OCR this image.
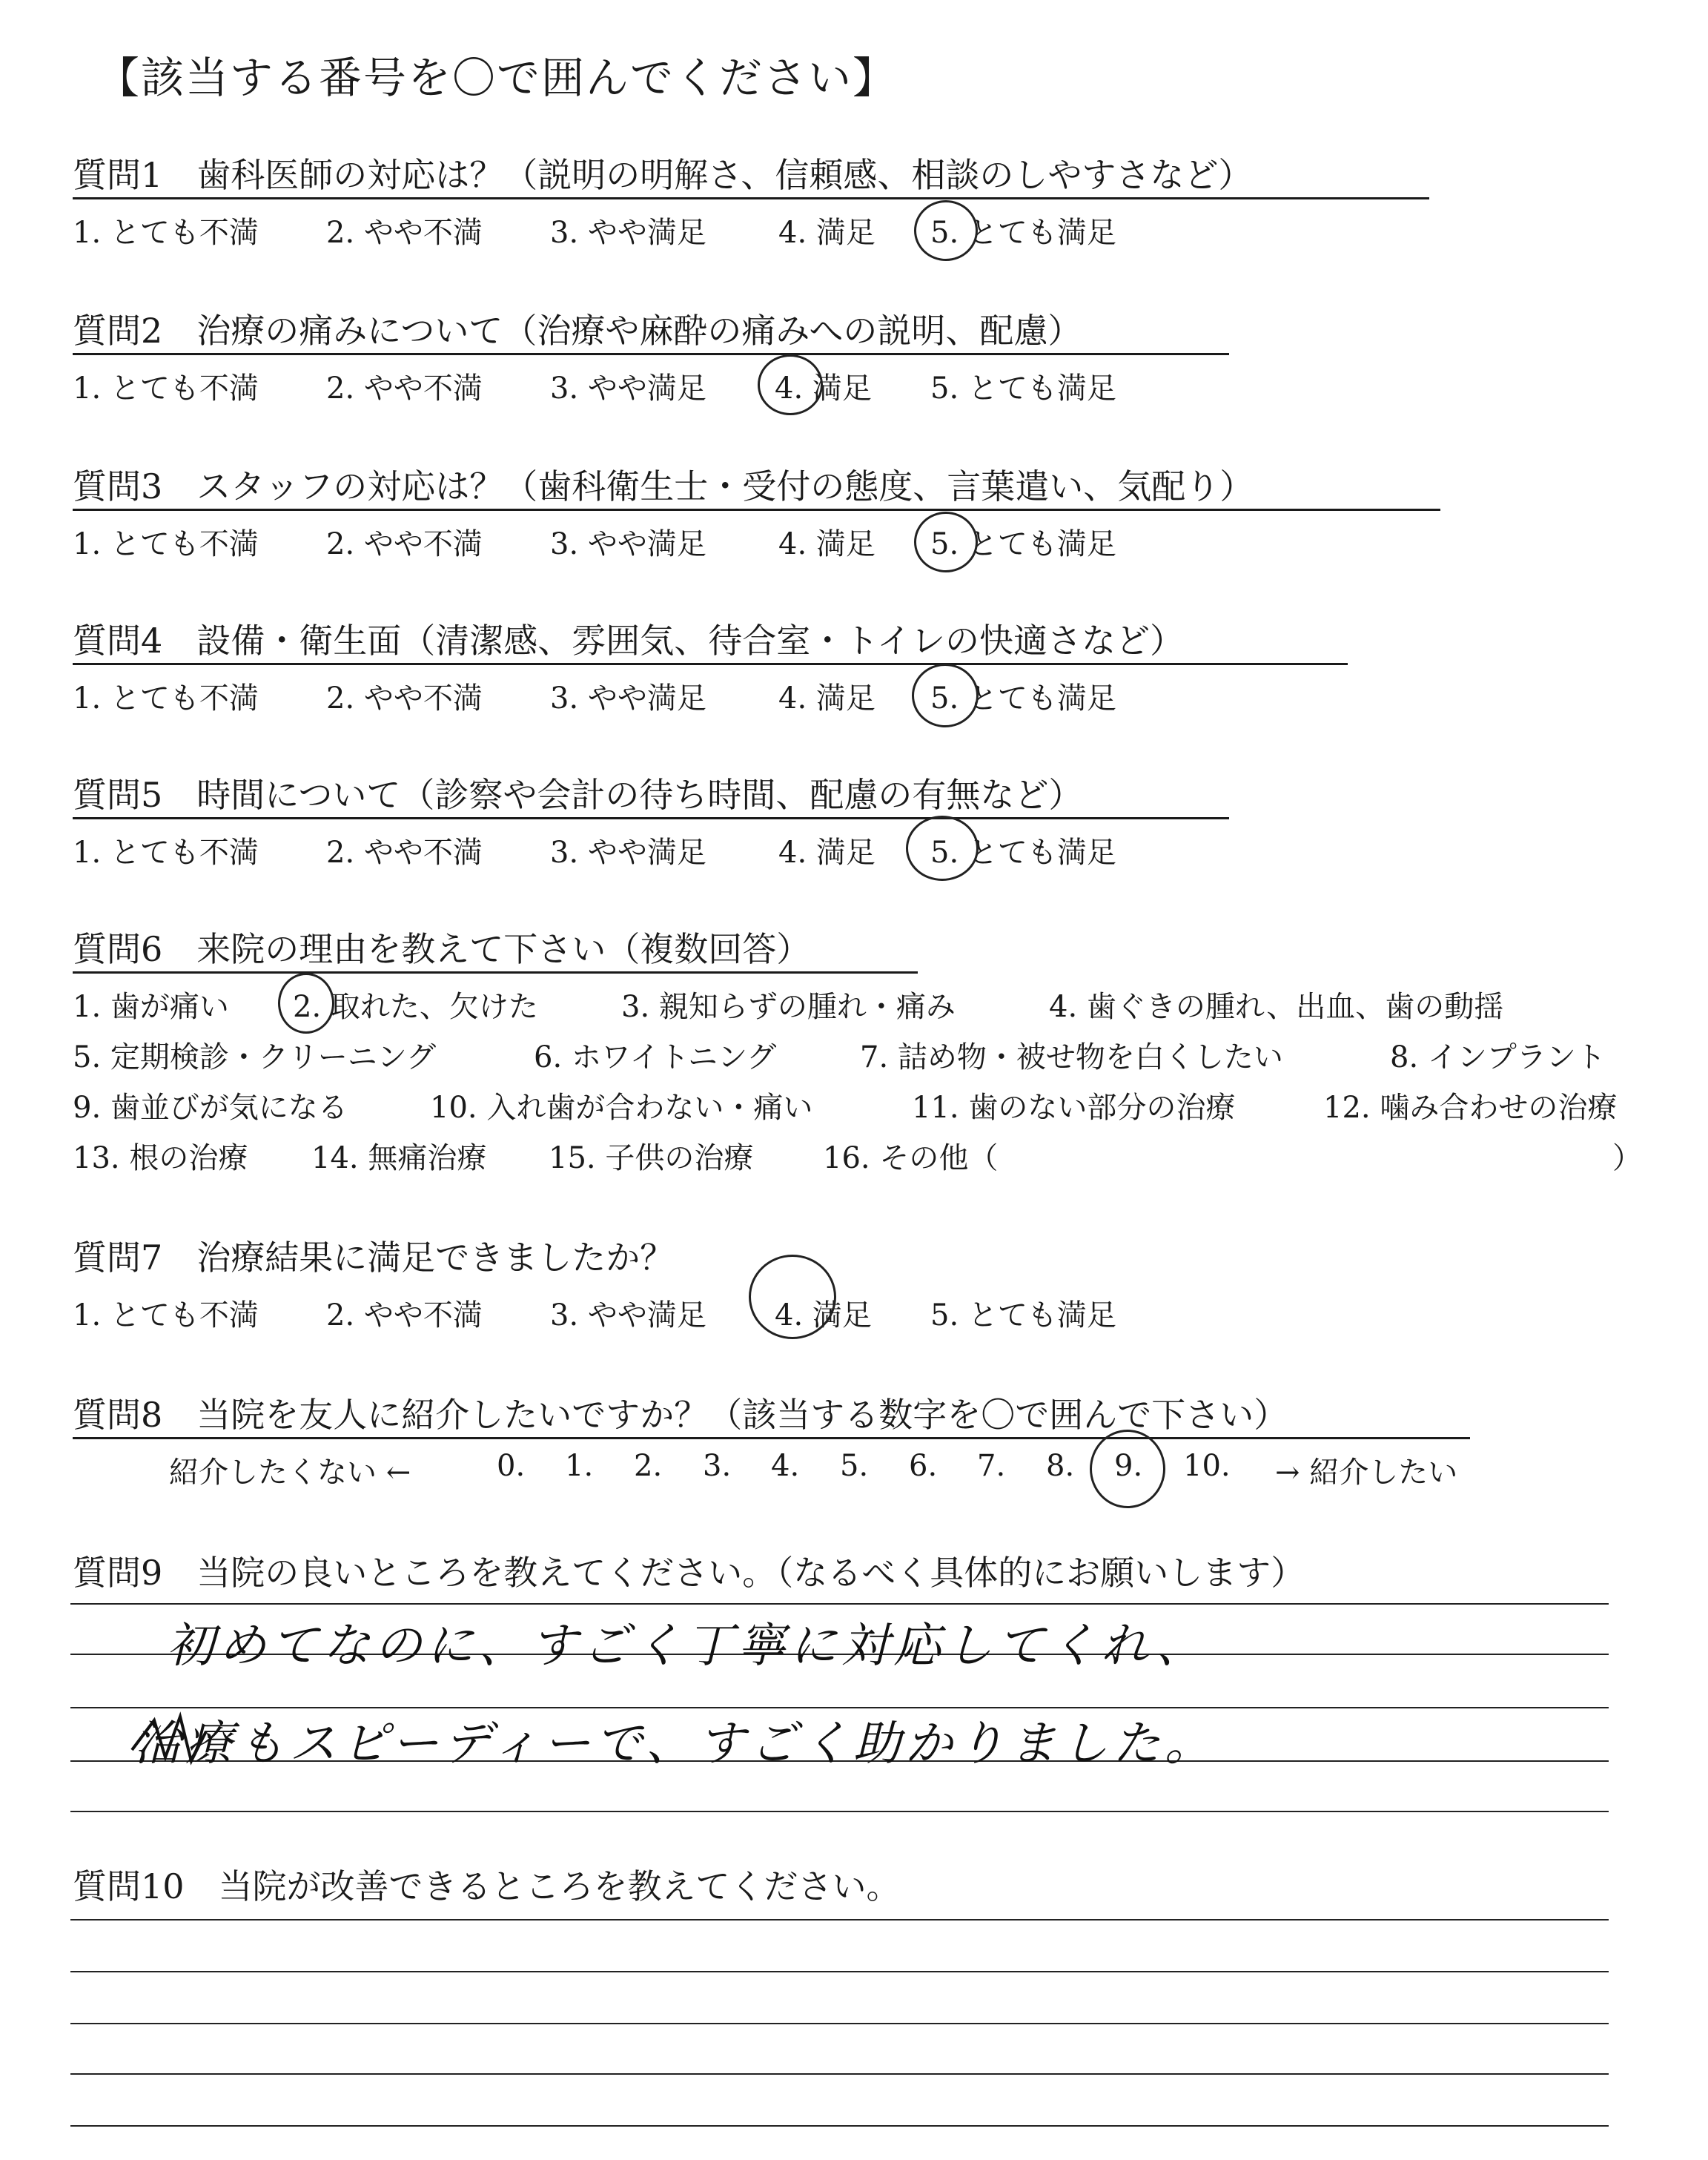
【該当する番号を〇で囲んでください】
質問1　歯科医師の対応は？（説明の明解さ、信頼感、相談のしやすさなど）
1. とても不満 2. やや不満 3. やや満足 4. 満足 5. とても満足
質問2　治療の痛みについて（治療や麻酔の痛みへの説明、配慮）
1. とても不満 2. やや不満 3. やや満足 4. 満足 5. とても満足
質問3　スタッフの対応は？（歯科衛生士・受付の態度、言葉遣い、気配り）
1. とても不満 2. やや不満 3. やや満足 4. 満足 5. とても満足
質問4　設備・衛生面（清潔感、雰囲気、待合室・トイレの快適さなど）
1. とても不満 2. やや不満 3. やや満足 4. 満足 5. とても満足
質問5　時間について（診察や会計の待ち時間、配慮の有無など）
1. とても不満 2. やや不満 3. やや満足 4. 満足 5. とても満足
質問6　来院の理由を教えて下さい（複数回答）
1. 歯が痛い 2. 取れた、欠けた	3. 親知らずの腫れ・痛み	4. 歯ぐきの腫れ、出血、歯の動揺
5. 定期検診・クリーニング	6. ホワイトニング	7. 詰め物・被せ物を白くしたい	8. インプラント
9. 歯並びが気になる	10. 入れ歯が合わない・痛い	11. 歯のない部分の治療	12. 噛み合わせの治療
13. 根の治療 14. 無痛治療 15. 子供の治療 16. その他（	）
質問7　治療結果に満足できましたか？
1. とても不満 2. やや不満 3. やや満足 4. 満足 5. とても満足
質問8　当院を友人に紹介したいですか？（該当する数字を〇で囲んで下さい）
紹介したくない ←	0. 1. 2. 3. 4. 5. 6. 7. 8. 9. 10. → 紹介したい
質問9　当院の良いところを教えてください。（なるべく具体的にお願いします）
初めてなのに、すごく丁寧に対応してくれ、
治療もスピーディーで、すごく助かりました。
質問10　当院が改善できるところを教えてください。
